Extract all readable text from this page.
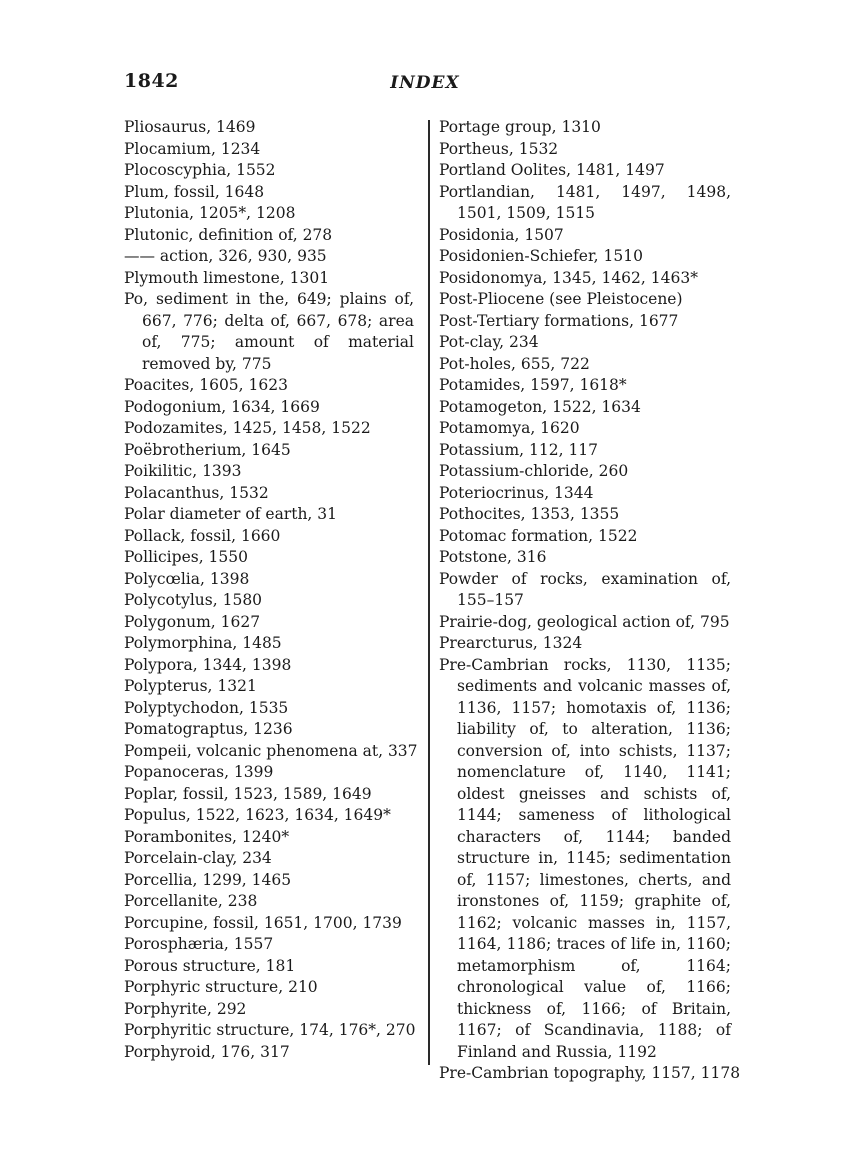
1842	INDEX
Pliosaurus, 1469
Plocamium, 1234
Plocoscyphia, 1552
Plum, fossil, 1648
Plutonia, 1205*, 1208
Plutonic, definition of, 278
—— action, 326, 930, 935
Plymouth limestone, 1301
Po, sediment in the, 649; plains of, 667, 776; delta of, 667, 678; area of, 775; amount of material removed by, 775
Poacites, 1605, 1623
Podogonium, 1634, 1669
Podozamites, 1425, 1458, 1522
Poëbrotherium, 1645
Poikilitic, 1393
Polacanthus, 1532
Polar diameter of earth, 31
Pollack, fossil, 1660
Pollicipes, 1550
Polycœlia, 1398
Polycotylus, 1580
Polygonum, 1627
Polymorphina, 1485
Polypora, 1344, 1398
Polypterus, 1321
Polyptychodon, 1535
Pomatograptus, 1236
Pompeii, volcanic phenomena at, 337
Popanoceras, 1399
Poplar, fossil, 1523, 1589, 1649
Populus, 1522, 1623, 1634, 1649*
Porambonites, 1240*
Porcelain-clay, 234
Porcellia, 1299, 1465
Porcellanite, 238
Porcupine, fossil, 1651, 1700, 1739
Porosphæria, 1557
Porous structure, 181
Porphyric structure, 210
Porphyrite, 292
Porphyritic structure, 174, 176*, 270
Porphyroid, 176, 317
Portage group, 1310
Portheus, 1532
Portland Oolites, 1481, 1497
Portlandian, 1481, 1497, 1498, 1501, 1509, 1515
Posidonia, 1507
Posidonien-Schiefer, 1510
Posidonomya, 1345, 1462, 1463*
Post-Pliocene (see Pleistocene)
Post-Tertiary formations, 1677
Pot-clay, 234
Pot-holes, 655, 722
Potamides, 1597, 1618*
Potamogeton, 1522, 1634
Potamomya, 1620
Potassium, 112, 117
Potassium-chloride, 260
Poteriocrinus, 1344
Pothocites, 1353, 1355
Potomac formation, 1522
Potstone, 316
Powder of rocks, examination of, 155–157
Prairie-dog, geological action of, 795
Prearcturus, 1324
Pre-Cambrian rocks, 1130, 1135; sediments and volcanic masses of, 1136, 1157; homotaxis of, 1136; liability of, to alteration, 1136; conversion of, into schists, 1137; nomenclature of, 1140, 1141; oldest gneisses and schists of, 1144; sameness of lithological characters of, 1144; banded structure in, 1145; sedimentation of, 1157; limestones, cherts, and ironstones of, 1159; graphite of, 1162; volcanic masses in, 1157, 1164, 1186; traces of life in, 1160; metamorphism of, 1164; chronological value of, 1166; thickness of, 1166; of Britain, 1167; of Scandinavia, 1188; of Finland and Russia, 1192
Pre-Cambrian topography, 1157, 1178
